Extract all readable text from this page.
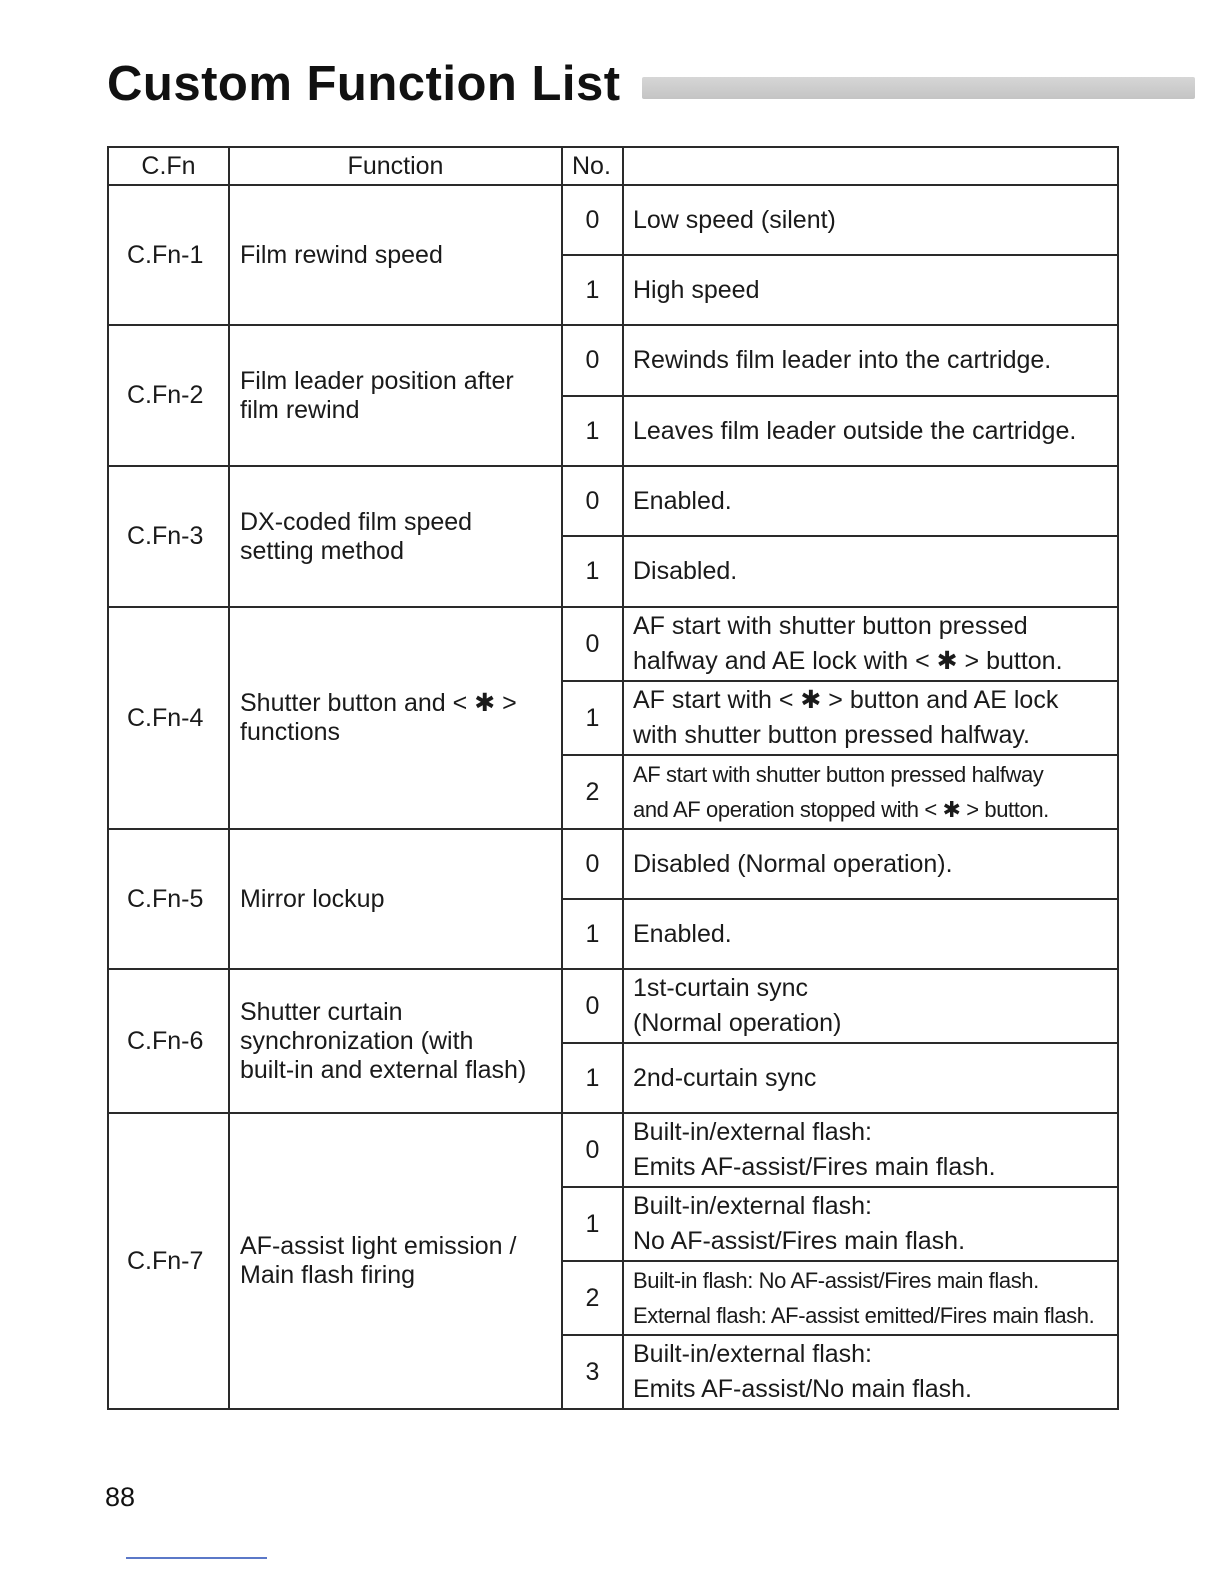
Custom Function List
C.Fn	Function	No.	
C.Fn-1	Film rewind speed	0	Low speed (silent)
		1	High speed
C.Fn-2	Film leader position after
film rewind	0	Rewinds film leader into the cartridge.
		1	Leaves film leader outside the cartridge.
C.Fn-3	DX-coded film speed
setting method	0	Enabled.
		1	Disabled.
C.Fn-4	Shutter button and < ✱ >
functions	0	AF start with shutter button pressed
halfway and AE lock with < ✱ > button.
		1	AF start with < ✱ > button and AE lock
with shutter button pressed halfway.
		2	AF start with shutter button pressed halfway
and AF operation stopped with < ✱ > button.
C.Fn-5	Mirror lockup	0	Disabled (Normal operation).
		1	Enabled.
C.Fn-6	Shutter curtain
synchronization (with
built-in and external flash)	0	1st-curtain sync
(Normal operation)
		1	2nd-curtain sync
C.Fn-7	AF-assist light emission /
Main flash firing	0	Built-in/external flash:
Emits AF-assist/Fires main flash.
		1	Built-in/external flash:
No AF-assist/Fires main flash.
		2	Built-in flash: No AF-assist/Fires main flash.
External flash: AF-assist emitted/Fires main flash.
		3	Built-in/external flash:
Emits AF-assist/No main flash.
88
